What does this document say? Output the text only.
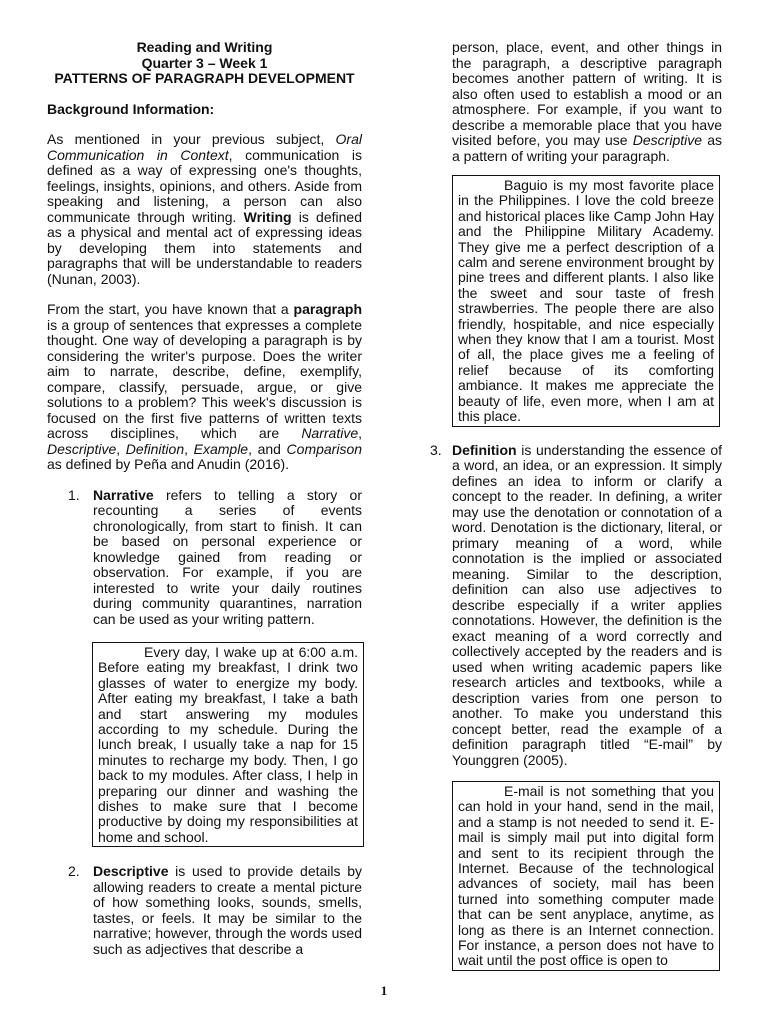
Reading and Writing
Quarter 3 – Week 1
PATTERNS OF PARAGRAPH DEVELOPMENT
Background Information:

As mentioned in your previous subject, Oral Communication in Context, communication is defined as a way of expressing one's thoughts, feelings, insights, opinions, and others. Aside from speaking and listening, a person can also communicate through writing. Writing is defined as a physical and mental act of expressing ideas by developing them into statements and paragraphs that will be understandable to readers (Nunan, 2003).

From the start, you have known that a paragraph is a group of sentences that expresses a complete thought. One way of developing a paragraph is by considering the writer's purpose. Does the writer aim to narrate, describe, define, exemplify, compare, classify, persuade, argue, or give solutions to a problem? This week's discussion is focused on the first five patterns of written texts across disciplines, which are Narrative, Descriptive, Definition, Example, and Comparison as defined by Peña and Anudin (2016).

1. Narrative refers to telling a story or recounting a series of events chronologically, from start to finish. It can be based on personal experience or knowledge gained from reading or observation. For example, if you are interested to write your daily routines during community quarantines, narration can be used as your writing pattern.

Every day, I wake up at 6:00 a.m. Before eating my breakfast, I drink two glasses of water to energize my body. After eating my breakfast, I take a bath and start answering my modules according to my schedule. During the lunch break, I usually take a nap for 15 minutes to recharge my body. Then, I go back to my modules. After class, I help in preparing our dinner and washing the dishes to make sure that I become productive by doing my responsibilities at home and school.
2. Descriptive is used to provide details by allowing readers to create a mental picture of how something looks, sounds, smells, tastes, or feels. It may be similar to the narrative; however, through the words used such as adjectives that describe a

person, place, event, and other things in the paragraph, a descriptive paragraph becomes another pattern of writing. It is also often used to establish a mood or an atmosphere. For example, if you want to describe a memorable place that you have visited before, you may use Descriptive as a pattern of writing your paragraph.

Baguio is my most favorite place in the Philippines. I love the cold breeze and historical places like Camp John Hay and the Philippine Military Academy. They give me a perfect description of a calm and serene environment brought by pine trees and different plants. I also like the sweet and sour taste of fresh strawberries. The people there are also friendly, hospitable, and nice especially when they know that I am a tourist. Most of all, the place gives me a feeling of relief because of its comforting ambiance. It makes me appreciate the beauty of life, even more, when I am at this place.
3. Definition is understanding the essence of a word, an idea, or an expression. It simply defines an idea to inform or clarify a concept to the reader. In defining, a writer may use the denotation or connotation of a word. Denotation is the dictionary, literal, or primary meaning of a word, while connotation is the implied or associated meaning. Similar to the description, definition can also use adjectives to describe especially if a writer applies connotations. However, the definition is the exact meaning of a word correctly and collectively accepted by the readers and is used when writing academic papers like research articles and textbooks, while a description varies from one person to another. To make you understand this concept better, read the example of a definition paragraph titled “E-mail” by Younggren (2005).

E-mail is not something that you can hold in your hand, send in the mail, and a stamp is not needed to send it. E-mail is simply mail put into digital form and sent to its recipient through the Internet. Because of the technological advances of society, mail has been turned into something computer made that can be sent anyplace, anytime, as long as there is an Internet connection. For instance, a person does not have to wait until the post office is open to
1
